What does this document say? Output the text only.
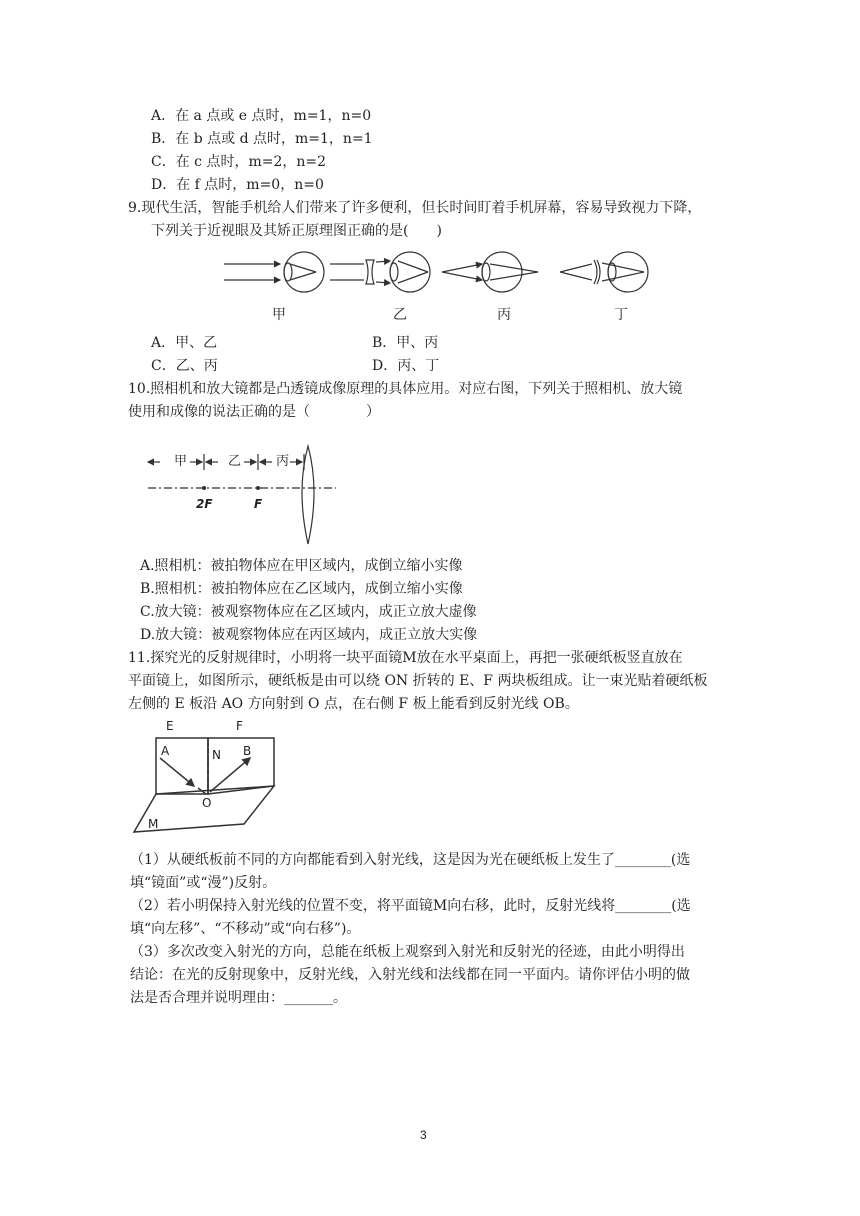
A．在 a 点或 e 点时，m=1，n=0
B．在 b 点或 d 点时，m=1，n=1
C．在 c 点时，m=2，n=2
D．在 f 点时，m=0，n=0
9.现代生活，智能手机给人们带来了许多便利，但长时间盯着手机屏幕，容易导致视力下降，
下列关于近视眼及其矫正原理图正确的是(　　)
甲	乙	丙	丁
A．甲、乙	B．甲、丙
C．乙、丙	D．丙、丁
10.照相机和放大镜都是凸透镜成像原理的具体应用。对应右图，下列关于照相机、放大镜
使用和成像的说法正确的是（　　　　）
甲	乙	丙
2F	F
A.照相机：被拍物体应在甲区域内，成倒立缩小实像
B.照相机：被拍物体应在乙区域内，成倒立缩小实像
C.放大镜：被观察物体应在乙区域内，成正立放大虚像
D.放大镜：被观察物体应在丙区域内，成正立放大实像
11.探究光的反射规律时，小明将一块平面镜M放在水平桌面上，再把一张硬纸板竖直放在
平面镜上，如图所示，硬纸板是由可以绕 ON 折转的 E、F 两块板组成。让一束光贴着硬纸板
左侧的 E 板沿 AO 方向射到 O 点，在右侧 F 板上能看到反射光线 OB。
E	F
A	N B
O
M
（1）从硬纸板前不同的方向都能看到入射光线，这是因为光在硬纸板上发生了________(选
填“镜面”或“漫”)反射。
（2）若小明保持入射光线的位置不变，将平面镜M向右移，此时，反射光线将________(选
填“向左移”、“不移动”或“向右移”)。
（3）多次改变入射光的方向，总能在纸板上观察到入射光和反射光的径迹，由此小明得出
结论：在光的反射现象中，反射光线，入射光线和法线都在同一平面内。请你评估小明的做
法是否合理并说明理由：_______。
3
